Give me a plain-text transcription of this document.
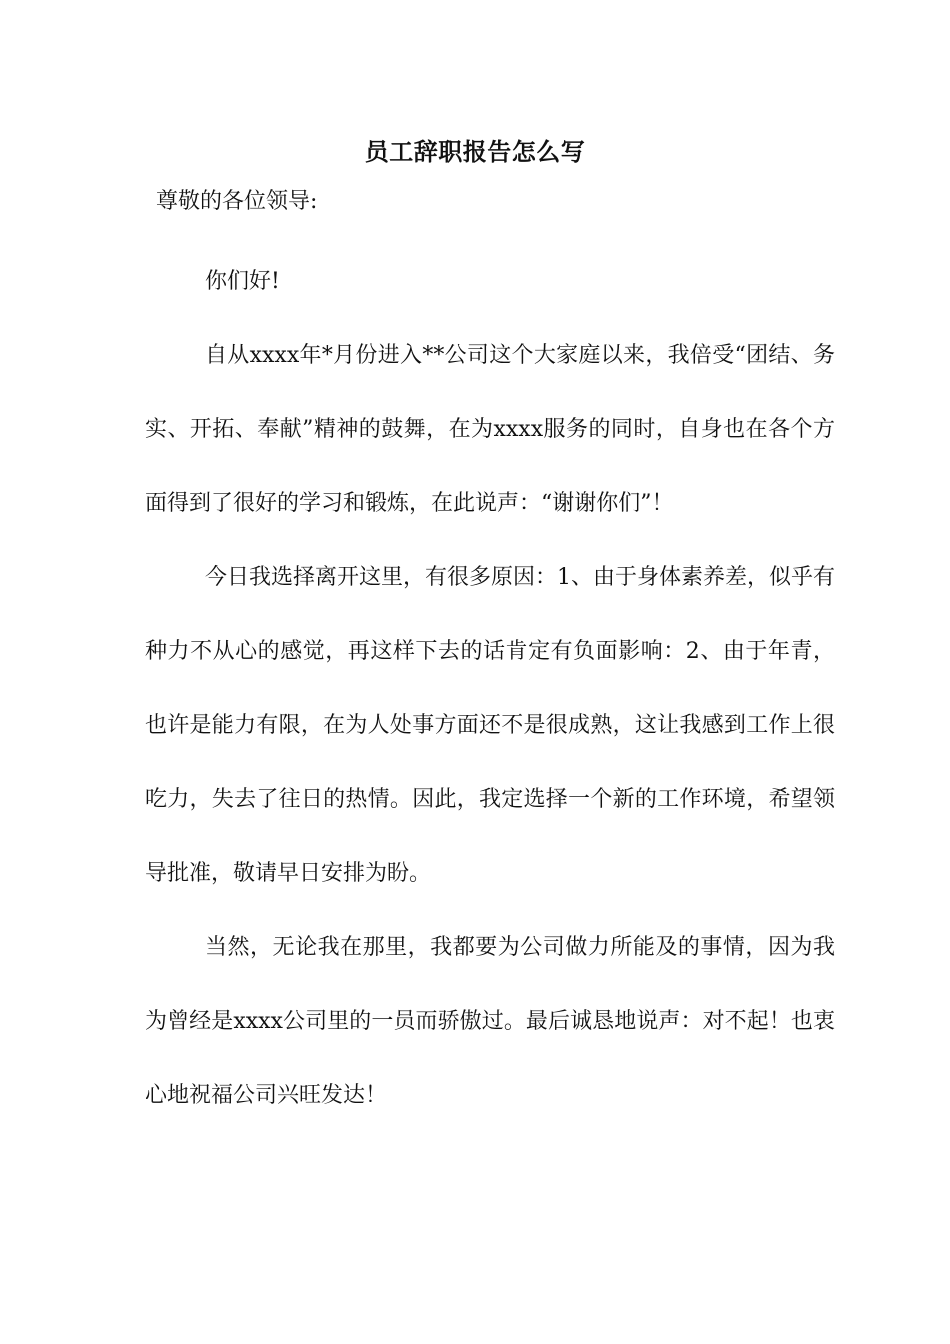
员工辞职报告怎么写
尊敬的各位领导:

你们好!

自从xxxx年*月份进入**公司这个大家庭以来，我倍受“团结、务实、开拓、奉献”精神的鼓舞，在为xxxx服务的同时，自身也在各个方面得到了很好的学习和锻炼，在此说声：“谢谢你们”！

今日我选择离开这里，有很多原因：1、由于身体素养差，似乎有种力不从心的感觉，再这样下去的话肯定有负面影响：2、由于年青，也许是能力有限，在为人处事方面还不是很成熟，这让我感到工作上很吃力，失去了往日的热情。因此，我定选择一个新的工作环境，希望领导批准，敬请早日安排为盼。

当然，无论我在那里，我都要为公司做力所能及的事情，因为我为曾经是xxxx公司里的一员而骄傲过。最后诚恳地说声：对不起！也衷心地祝福公司兴旺发达！
